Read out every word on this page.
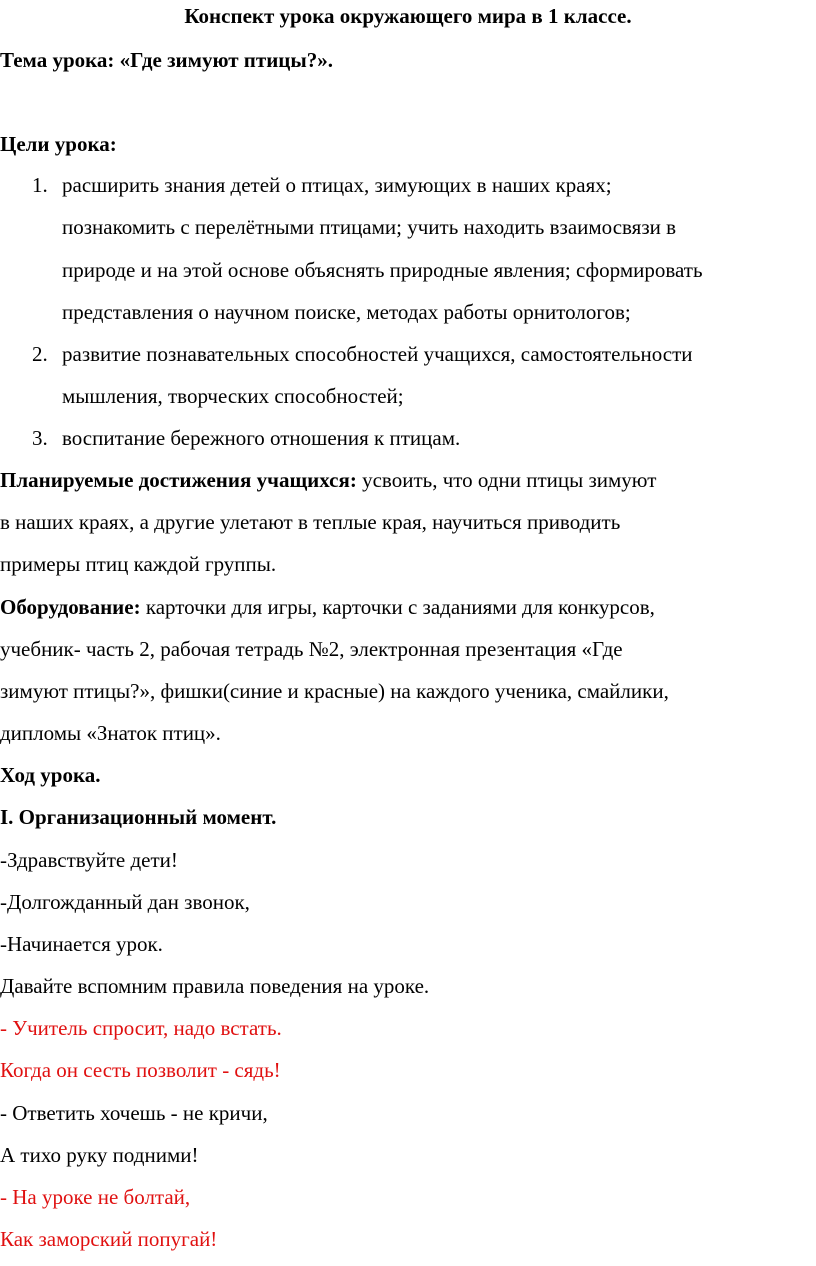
Конспект урока окружающего мира в 1 классе.
Тема урока: «Где зимуют птицы?».
Цели урока:
1. расширить знания детей о птицах, зимующих в наших краях;
познакомить с перелётными птицами; учить находить взаимосвязи в
природе и на этой основе объяснять природные явления; сформировать
представления о научном поиске, методах работы орнитологов;
2. развитие познавательных способностей учащихся, самостоятельности
мышления, творческих способностей;
3. воспитание бережного отношения к птицам.
Планируемые достижения учащихся: усвоить, что одни птицы зимуют
в наших краях, а другие улетают в теплые края, научиться приводить
примеры птиц каждой группы.
Оборудование: карточки для игры, карточки с заданиями для конкурсов,
учебник- часть 2, рабочая тетрадь №2, электронная презентация «Где
зимуют птицы?», фишки(синие и красные) на каждого ученика, смайлики,
дипломы «Знаток птиц».
Ход урока.
I. Организационный момент.
-Здравствуйте дети!
-Долгожданный дан звонок,
-Начинается урок.
Давайте вспомним правила поведения на уроке.
- Учитель спросит, надо встать.
Когда он сесть позволит - сядь!
- Ответить хочешь - не кричи,
А тихо руку подними!
- На уроке не болтай,
Как заморский попугай!
